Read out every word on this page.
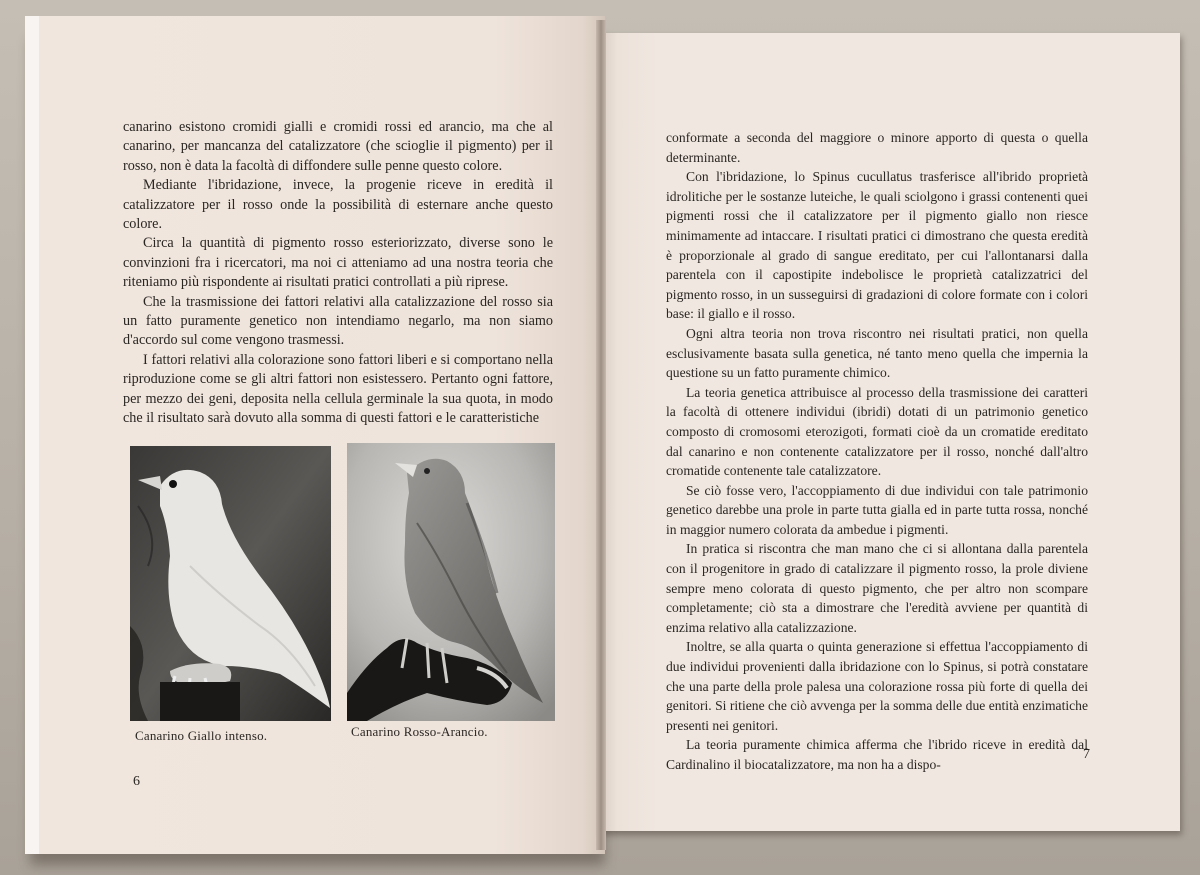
canarino esistono cromidi gialli e cromidi rossi ed arancio, ma che al canarino, per mancanza del catalizzatore (che scioglie il pigmento) per il rosso, non è data la facoltà di diffondere sulle penne questo colore.

Mediante l'ibridazione, invece, la progenie riceve in eredità il catalizzatore per il rosso onde la possibilità di esternare anche questo colore.

Circa la quantità di pigmento rosso esteriorizzato, diverse sono le convinzioni fra i ricercatori, ma noi ci atteniamo ad una nostra teoria che riteniamo più rispondente ai risultati pratici controllati a più riprese.

Che la trasmissione dei fattori relativi alla catalizzazione del rosso sia un fatto puramente genetico non intendiamo negarlo, ma non siamo d'accordo sul come vengono trasmessi.

I fattori relativi alla colorazione sono fattori liberi e si comportano nella riproduzione come se gli altri fattori non esistessero. Pertanto ogni fattore, per mezzo dei geni, deposita nella cellula germinale la sua quota, in modo che il risultato sarà dovuto alla somma di questi fattori e le caratteristiche

Canarino Giallo intenso.	Canarino Rosso-Arancio.
6

conformate a seconda del maggiore o minore apporto di questa o quella determinante.

Con l'ibridazione, lo Spinus cucullatus trasferisce all'ibrido proprietà idrolitiche per le sostanze luteiche, le quali sciolgono i grassi contenenti quei pigmenti rossi che il catalizzatore per il pigmento giallo non riesce minimamente ad intaccare. I risultati pratici ci dimostrano che questa eredità è proporzionale al grado di sangue ereditato, per cui l'allontanarsi dalla parentela con il capostipite indebolisce le proprietà catalizzatrici del pigmento rosso, in un susseguirsi di gradazioni di colore formate con i colori base: il giallo e il rosso.

Ogni altra teoria non trova riscontro nei risultati pratici, non quella esclusivamente basata sulla genetica, né tanto meno quella che impernia la questione su un fatto puramente chimico.

La teoria genetica attribuisce al processo della trasmissione dei caratteri la facoltà di ottenere individui (ibridi) dotati di un patrimonio genetico composto di cromosomi eterozigoti, formati cioè da un cromatide ereditato dal canarino e non contenente catalizzatore per il rosso, nonché dall'altro cromatide contenente tale catalizzatore.

Se ciò fosse vero, l'accoppiamento di due individui con tale patrimonio genetico darebbe una prole in parte tutta gialla ed in parte tutta rossa, nonché in maggior numero colorata da ambedue i pigmenti.

In pratica si riscontra che man mano che ci si allontana dalla parentela con il progenitore in grado di catalizzare il pigmento rosso, la prole diviene sempre meno colorata di questo pigmento, che per altro non scompare completamente; ciò sta a dimostrare che l'eredità avviene per quantità di enzima relativo alla catalizzazione.

Inoltre, se alla quarta o quinta generazione si effettua l'accoppiamento di due individui provenienti dalla ibridazione con lo Spinus, si potrà constatare che una parte della prole palesa una colorazione rossa più forte di quella dei genitori. Si ritiene che ciò avvenga per la somma delle due entità enzimatiche presenti nei genitori.

La teoria puramente chimica afferma che l'ibrido riceve in eredità dal Cardinalino il biocatalizzatore, ma non ha a dispo-

7
